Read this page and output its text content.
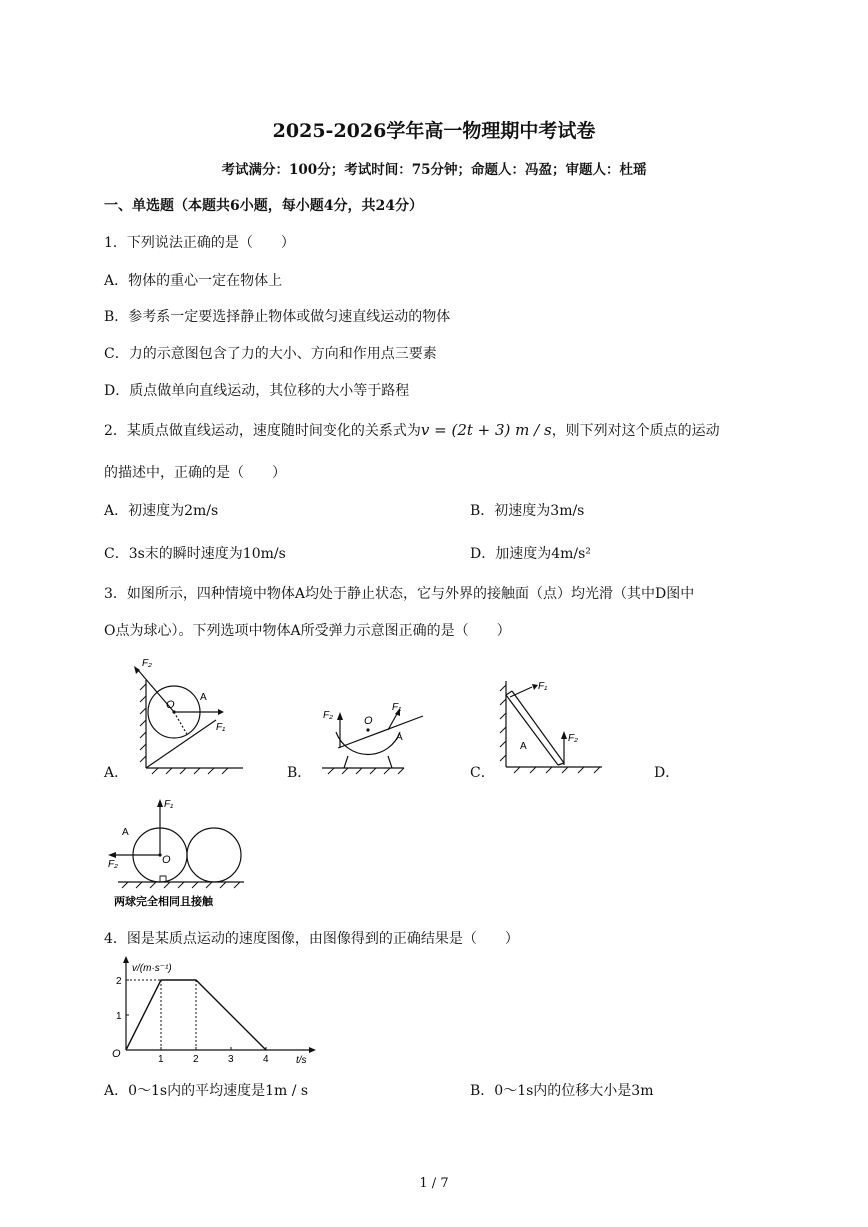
2025-2026学年高一物理期中考试卷
考试满分：100分；考试时间：75分钟；命题人：冯盈；审题人：杜瑶
一、单选题（本题共6小题，每小题4分，共24分）
1．下列说法正确的是（　　）
A．物体的重心一定在物体上
B．参考系一定要选择静止物体或做匀速直线运动的物体
C．力的示意图包含了力的大小、方向和作用点三要素
D．质点做单向直线运动，其位移的大小等于路程
2．某质点做直线运动，速度随时间变化的关系式为v = (2t + 3) m / s，则下列对这个质点的运动
的描述中，正确的是（　　）
A．初速度为2m/s	B．初速度为3m/s
C．3s末的瞬时速度为10m/s	D．加速度为4m/s²
3．如图所示，四种情境中物体A均处于静止状态，它与外界的接触面（点）均光滑（其中D图中
O点为球心）。下列选项中物体A所受弹力示意图正确的是（　　）
A．	B．	C．	D．
F₂
F₁
O
A
F₂
F₁
O
A
F₁
F₂
A
F₁
F₂	O
A
两球完全相同且接触
4．图是某质点运动的速度图像，由图像得到的正确结果是（　　）
1	2	3	4
1
2
v/(m·s⁻¹)
t/s
O
A．0～1s内的平均速度是1m / s	B．0～1s内的位移大小是3m
1 / 7
